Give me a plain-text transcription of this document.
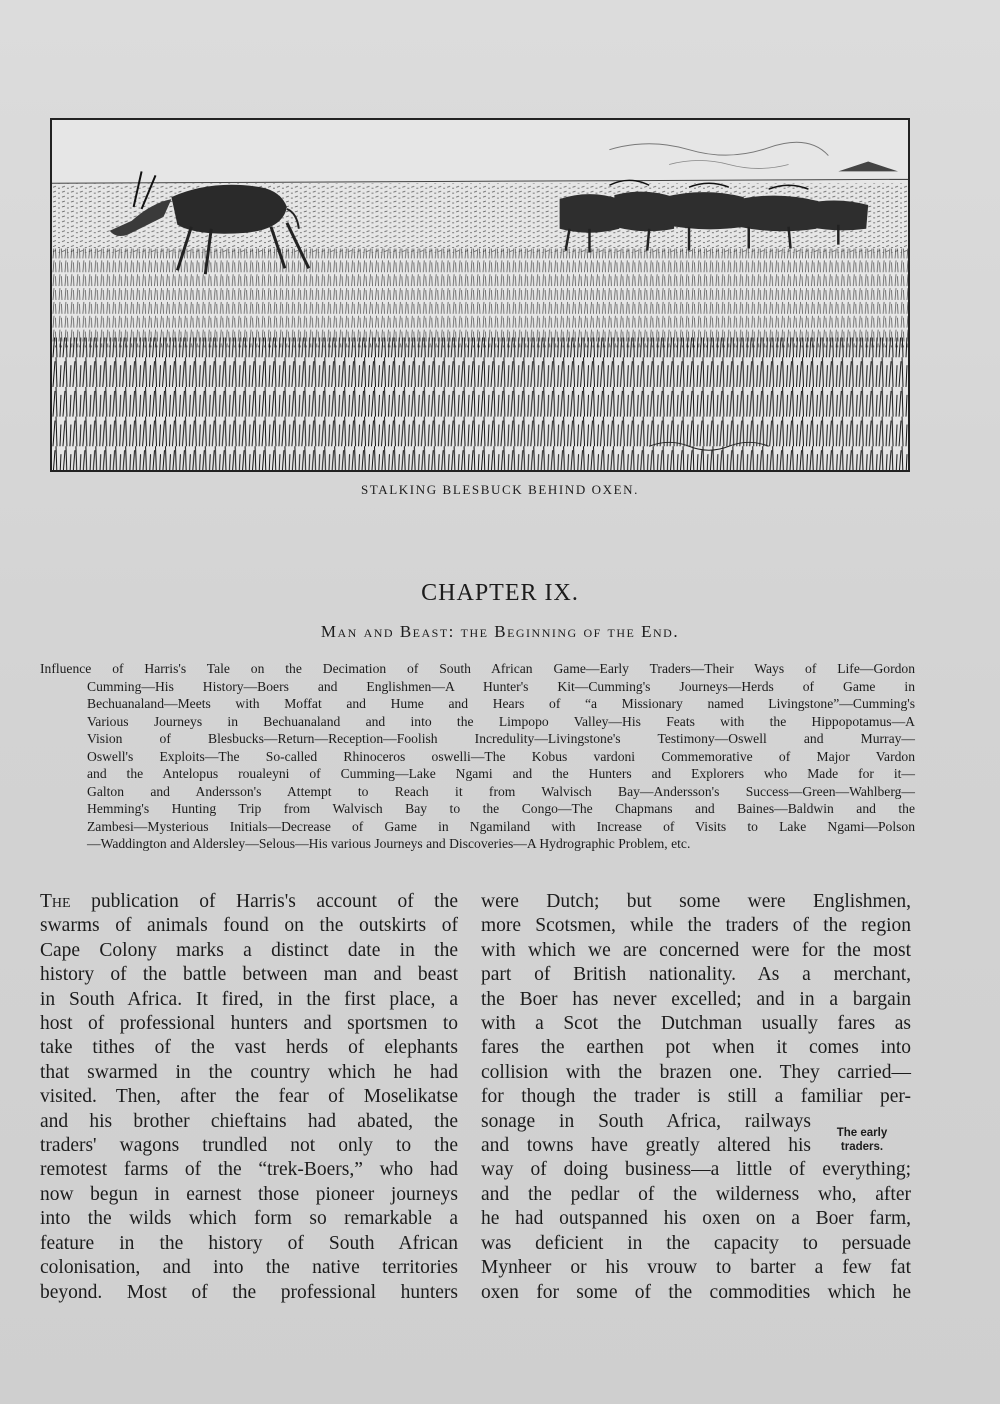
STALKING BLESBUCK BEHIND OXEN.
CHAPTER IX.
Man and Beast: the Beginning of the End.
Influence of Harris's Tale on the Decimation of South African Game—Early Traders—Their Ways of Life—Gordon
Cumming—His History—Boers and Englishmen—A Hunter's Kit—Cumming's Journeys—Herds of Game in
Bechuanaland—Meets with Moffat and Hume and Hears of “a Missionary named Livingstone”—Cumming's
Various Journeys in Bechuanaland and into the Limpopo Valley—His Feats with the Hippopotamus—A
Vision of Blesbucks—Return—Reception—Foolish Incredulity—Livingstone's Testimony—Oswell and Murray—
Oswell's Exploits—The So-called Rhinoceros oswelli—The Kobus vardoni Commemorative of Major Vardon
and the Antelopus roualeyni of Cumming—Lake Ngami and the Hunters and Explorers who Made for it—
Galton and Andersson's Attempt to Reach it from Walvisch Bay—Andersson's Success—Green—Wahlberg—
Hemming's Hunting Trip from Walvisch Bay to the Congo—The Chapmans and Baines—Baldwin and the
Zambesi—Mysterious Initials—Decrease of Game in Ngamiland with Increase of Visits to Lake Ngami—Polson
—Waddington and Aldersley—Selous—His various Journeys and Discoveries—A Hydrographic Problem, etc.
The publication of Harris's account of the
swarms of animals found on the outskirts of
Cape Colony marks a distinct date in the
history of the battle between man and beast
in South Africa. It fired, in the first place, a
host of professional hunters and sportsmen to
take tithes of the vast herds of elephants
that swarmed in the country which he had
visited. Then, after the fear of Moselikatse
and his brother chieftains had abated, the
traders' wagons trundled not only to the
remotest farms of the “trek-Boers,” who had
now begun in earnest those pioneer journeys
into the wilds which form so remarkable a
feature in the history of South African
colonisation, and into the native territories
beyond. Most of the professional hunters
were Dutch; but some were Englishmen,
more Scotsmen, while the traders of the region
with which we are concerned were for the most
part of British nationality. As a merchant,
the Boer has never excelled; and in a bargain
with a Scot the Dutchman usually fares as
fares the earthen pot when it comes into
collision with the brazen one. They carried—
for though the trader is still a familiar per-
sonage in South Africa, railways
and towns have greatly altered his
way of doing business—a little of everything;
and the pedlar of the wilderness who, after
he had outspanned his oxen on a Boer farm,
was deficient in the capacity to persuade
Mynheer or his vrouw to barter a few fat
oxen for some of the commodities which he
The early
traders.
